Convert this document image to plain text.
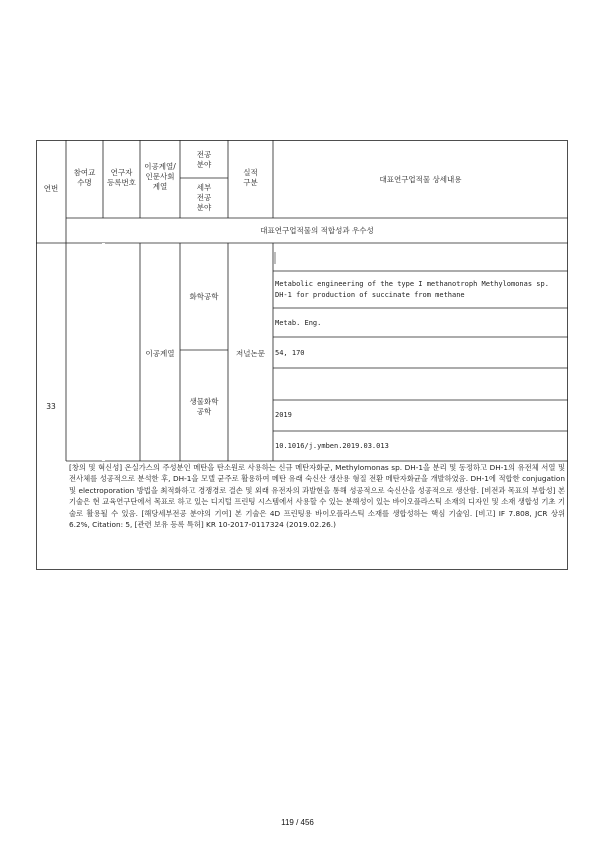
연번
참여교
수명
연구자
등록번호
이공계열/
인문사회
계열
전공
분야
세부
전공
분야
실적
구분	대표연구업적물 상세내용
대표연구업적물의 적합성과 우수성
33
이공계열
화학공학
생물화학
공학
저널논문
Metabolic engineering of the type I methanotroph Methylomonas sp. DH-1 for production of succinate from methane
Metab. Eng.
54, 170
2019
10.1016/j.ymben.2019.03.013
[창의 및 혁신성] 온실가스의 주성분인 메탄을 탄소원로 사용하는 신규 메탄자화균, Methylomonas sp. DH-1을 분리 및 동정하고 DH-1의 유전체 서열 및 전사체를 성공적으로 분석한 후, DH-1을 모델 균주로 활용하여 메탄 유래 숙신산 생산용 형질 전환 메탄자화균을 개발하였음. DH-1에 적합한 conjugation 및 electroporation 방법을 최적화하고 경쟁경로 결손 및 외래 유전자의 과발현을 통해 성공적으로 숙신산을 성공적으로 생산함. [비전과 목표의 부합성] 본 기술은 현 교육연구단에서 목표로 하고 있는 디지털 프린팅 시스템에서 사용할 수 있는 분해성이 있는 바이오플라스틱 소재의 디자인 및 소재 생합성 기초 기술로 활용될 수 있음. [해당세부전공 분야의 기여] 본 기술은 4D 프린팅용 바이오플라스틱 소재를 생합성하는 핵심 기술임. [비고] IF 7.808, JCR 상위 6.2%, Citation: 5, [관련 보유 등록 특허] KR 10-2017-0117324 (2019.02.26.)
119 / 456
